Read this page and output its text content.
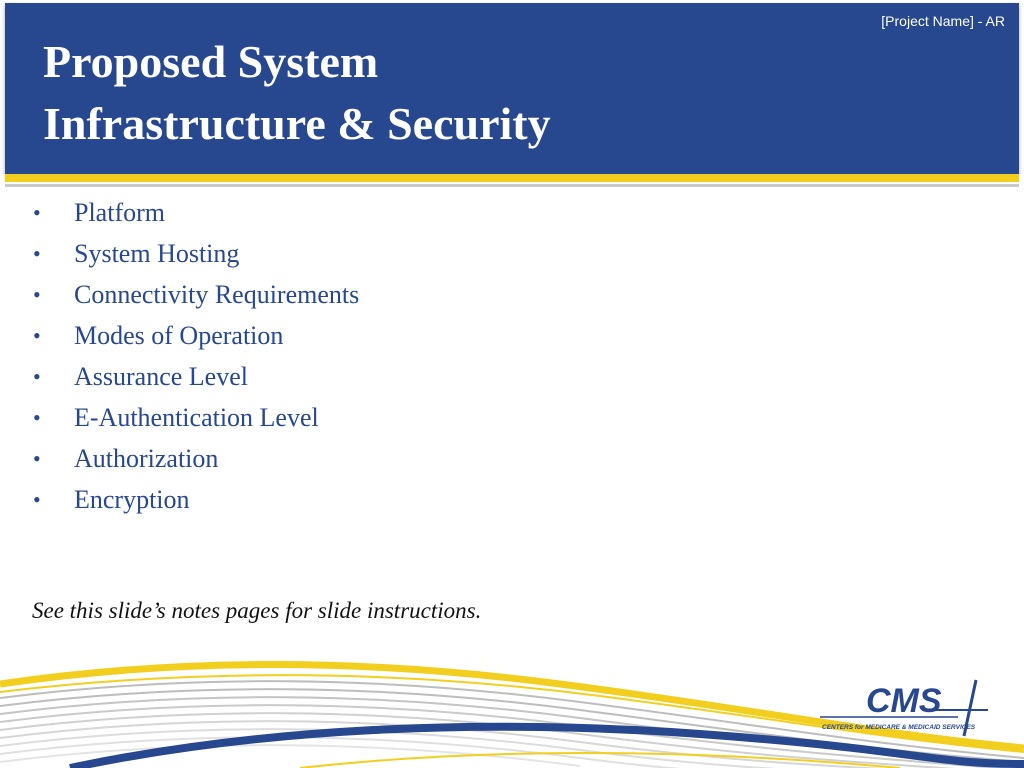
[Project Name] - AR
Proposed System
Infrastructure & Security
• Platform
• System Hosting
• Connectivity Requirements
• Modes of Operation
• Assurance Level
• E-Authentication Level
• Authorization
• Encryption
See this slide’s notes pages for slide instructions.
CMS
CENTERS for MEDICARE & MEDICAID SERVICES
